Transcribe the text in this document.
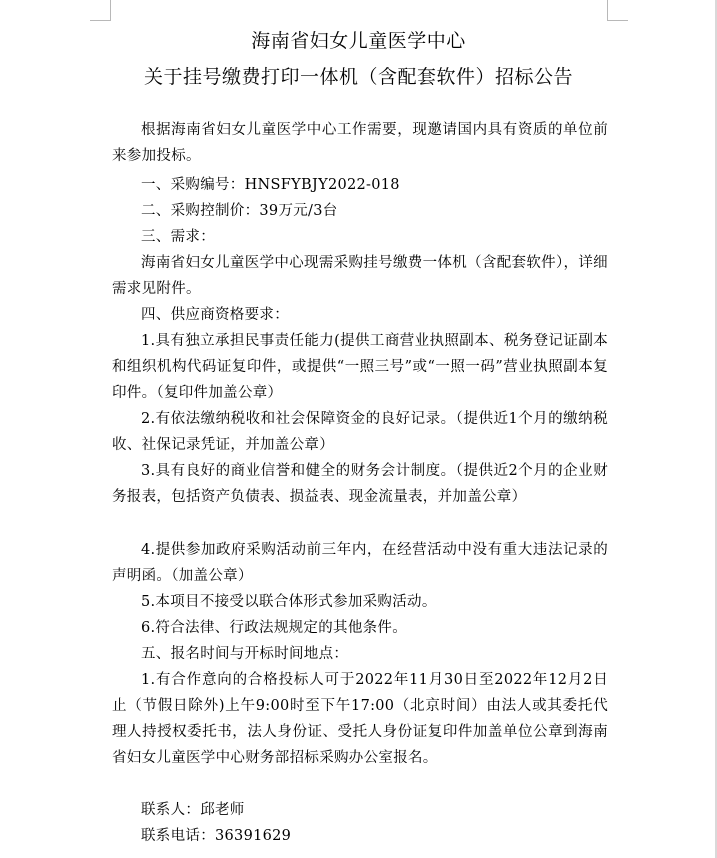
海南省妇女儿童医学中心
关于挂号缴费打印一体机（含配套软件）招标公告
根据海南省妇女儿童医学中心工作需要，现邀请国内具有资质的单位前来参加投标。
一、采购编号：HNSFYBJY2022-018
二、采购控制价：39万元/3台
三、需求：
海南省妇女儿童医学中心现需采购挂号缴费一体机（含配套软件），详细需求见附件。
四、供应商资格要求：
1.具有独立承担民事责任能力(提供工商营业执照副本、税务登记证副本和组织机构代码证复印件，或提供“一照三号”或“一照一码”营业执照副本复印件。（复印件加盖公章）
2.有依法缴纳税收和社会保障资金的良好记录。（提供近1个月的缴纳税收、社保记录凭证，并加盖公章）
3.具有良好的商业信誉和健全的财务会计制度。（提供近2个月的企业财务报表，包括资产负债表、损益表、现金流量表，并加盖公章）
4.提供参加政府采购活动前三年内，在经营活动中没有重大违法记录的声明函。（加盖公章）
5.本项目不接受以联合体形式参加采购活动。
6.符合法律、行政法规规定的其他条件。
五、报名时间与开标时间地点：
1.有合作意向的合格投标人可于2022年11月30日至2022年12月2日止（节假日除外)上午9:00时至下午17:00（北京时间）由法人或其委托代理人持授权委托书，法人身份证、受托人身份证复印件加盖单位公章到海南省妇女儿童医学中心财务部招标采购办公室报名。
联系人：邱老师
联系电话：36391629
